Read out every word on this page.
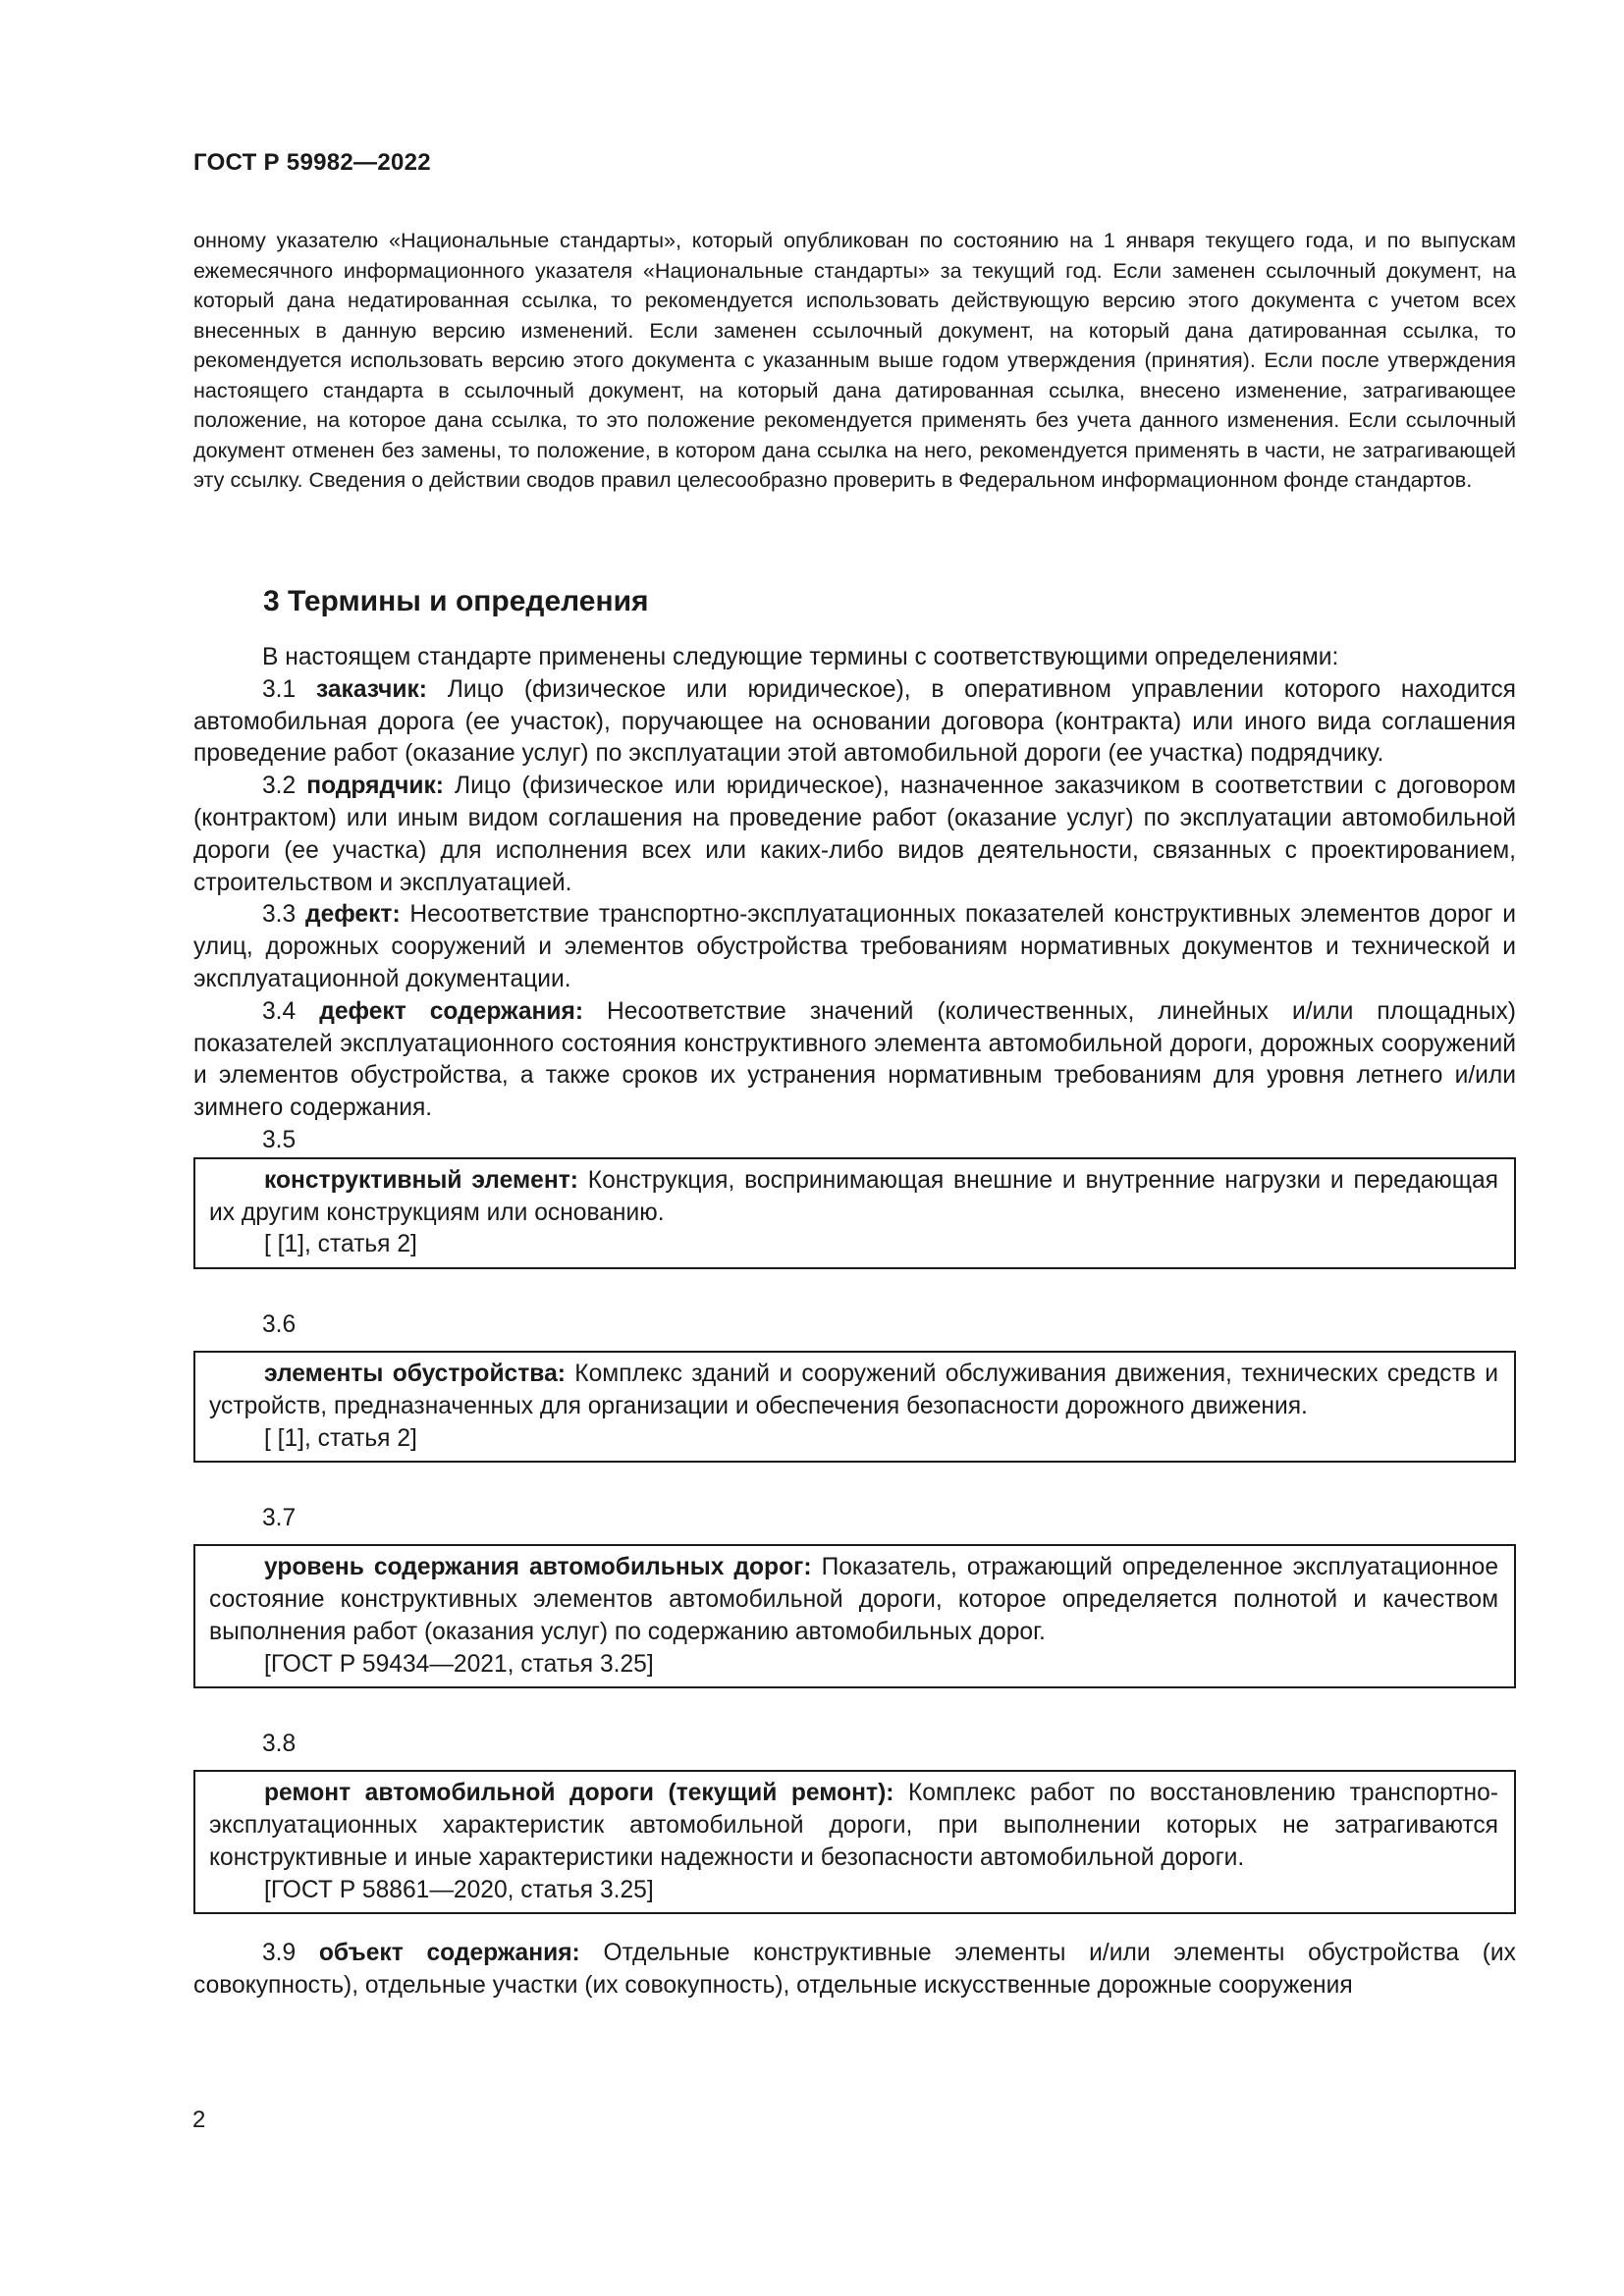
ГОСТ Р 59982—2022
онному указателю «Национальные стандарты», который опубликован по состоянию на 1 января текущего года, и по выпускам ежемесячного информационного указателя «Национальные стандарты» за текущий год. Если заменен ссылочный документ, на который дана недатированная ссылка, то рекомендуется использовать действующую версию этого документа с учетом всех внесенных в данную версию изменений. Если заменен ссылочный документ, на который дана датированная ссылка, то рекомендуется использовать версию этого документа с указанным выше годом утверждения (принятия). Если после утверждения настоящего стандарта в ссылочный документ, на который дана датированная ссылка, внесено изменение, затрагивающее положение, на которое дана ссылка, то это положение рекомендуется применять без учета данного изменения. Если ссылочный документ отменен без замены, то положение, в котором дана ссылка на него, рекомендуется применять в части, не затрагивающей эту ссылку. Сведения о действии сводов правил целесообразно проверить в Федеральном информационном фонде стандартов.
3 Термины и определения

В настоящем стандарте применены следующие термины с соответствующими определениями:

3.1 заказчик: Лицо (физическое или юридическое), в оперативном управлении которого находится автомобильная дорога (ее участок), поручающее на основании договора (контракта) или иного вида соглашения проведение работ (оказание услуг) по эксплуатации этой автомобильной дороги (ее участка) подрядчику.

3.2 подрядчик: Лицо (физическое или юридическое), назначенное заказчиком в соответствии с договором (контрактом) или иным видом соглашения на проведение работ (оказание услуг) по эксплуатации автомобильной дороги (ее участка) для исполнения всех или каких-либо видов деятельности, связанных с проектированием, строительством и эксплуатацией.

3.3 дефект: Несоответствие транспортно-эксплуатационных показателей конструктивных элементов дорог и улиц, дорожных сооружений и элементов обустройства требованиям нормативных документов и технической и эксплуатационной документации.

3.4 дефект содержания: Несоответствие значений (количественных, линейных и/или площадных) показателей эксплуатационного состояния конструктивного элемента автомобильной дороги, дорожных сооружений и элементов обустройства, а также сроков их устранения нормативным требованиям для уровня летнего и/или зимнего содержания.

3.5

конструктивный элемент: Конструкция, воспринимающая внешние и внутренние нагрузки и передающая их другим конструкциям или основанию.

[ [1], статья 2]

3.6

элементы обустройства: Комплекс зданий и сооружений обслуживания движения, технических средств и устройств, предназначенных для организации и обеспечения безопасности дорожного движения.

[ [1], статья 2]

3.7

уровень содержания автомобильных дорог: Показатель, отражающий определенное эксплуатационное состояние конструктивных элементов автомобильной дороги, которое определяется полнотой и качеством выполнения работ (оказания услуг) по содержанию автомобильных дорог.

[ГОСТ Р 59434—2021, статья 3.25]

3.8

ремонт автомобильной дороги (текущий ремонт): Комплекс работ по восстановлению транспортно-эксплуатационных характеристик автомобильной дороги, при выполнении которых не затрагиваются конструктивные и иные характеристики надежности и безопасности автомобильной дороги.

[ГОСТ Р 58861—2020, статья 3.25]

3.9 объект содержания: Отдельные конструктивные элементы и/или элементы обустройства (их совокупность), отдельные участки (их совокупность), отдельные искусственные дорожные сооружения

2
